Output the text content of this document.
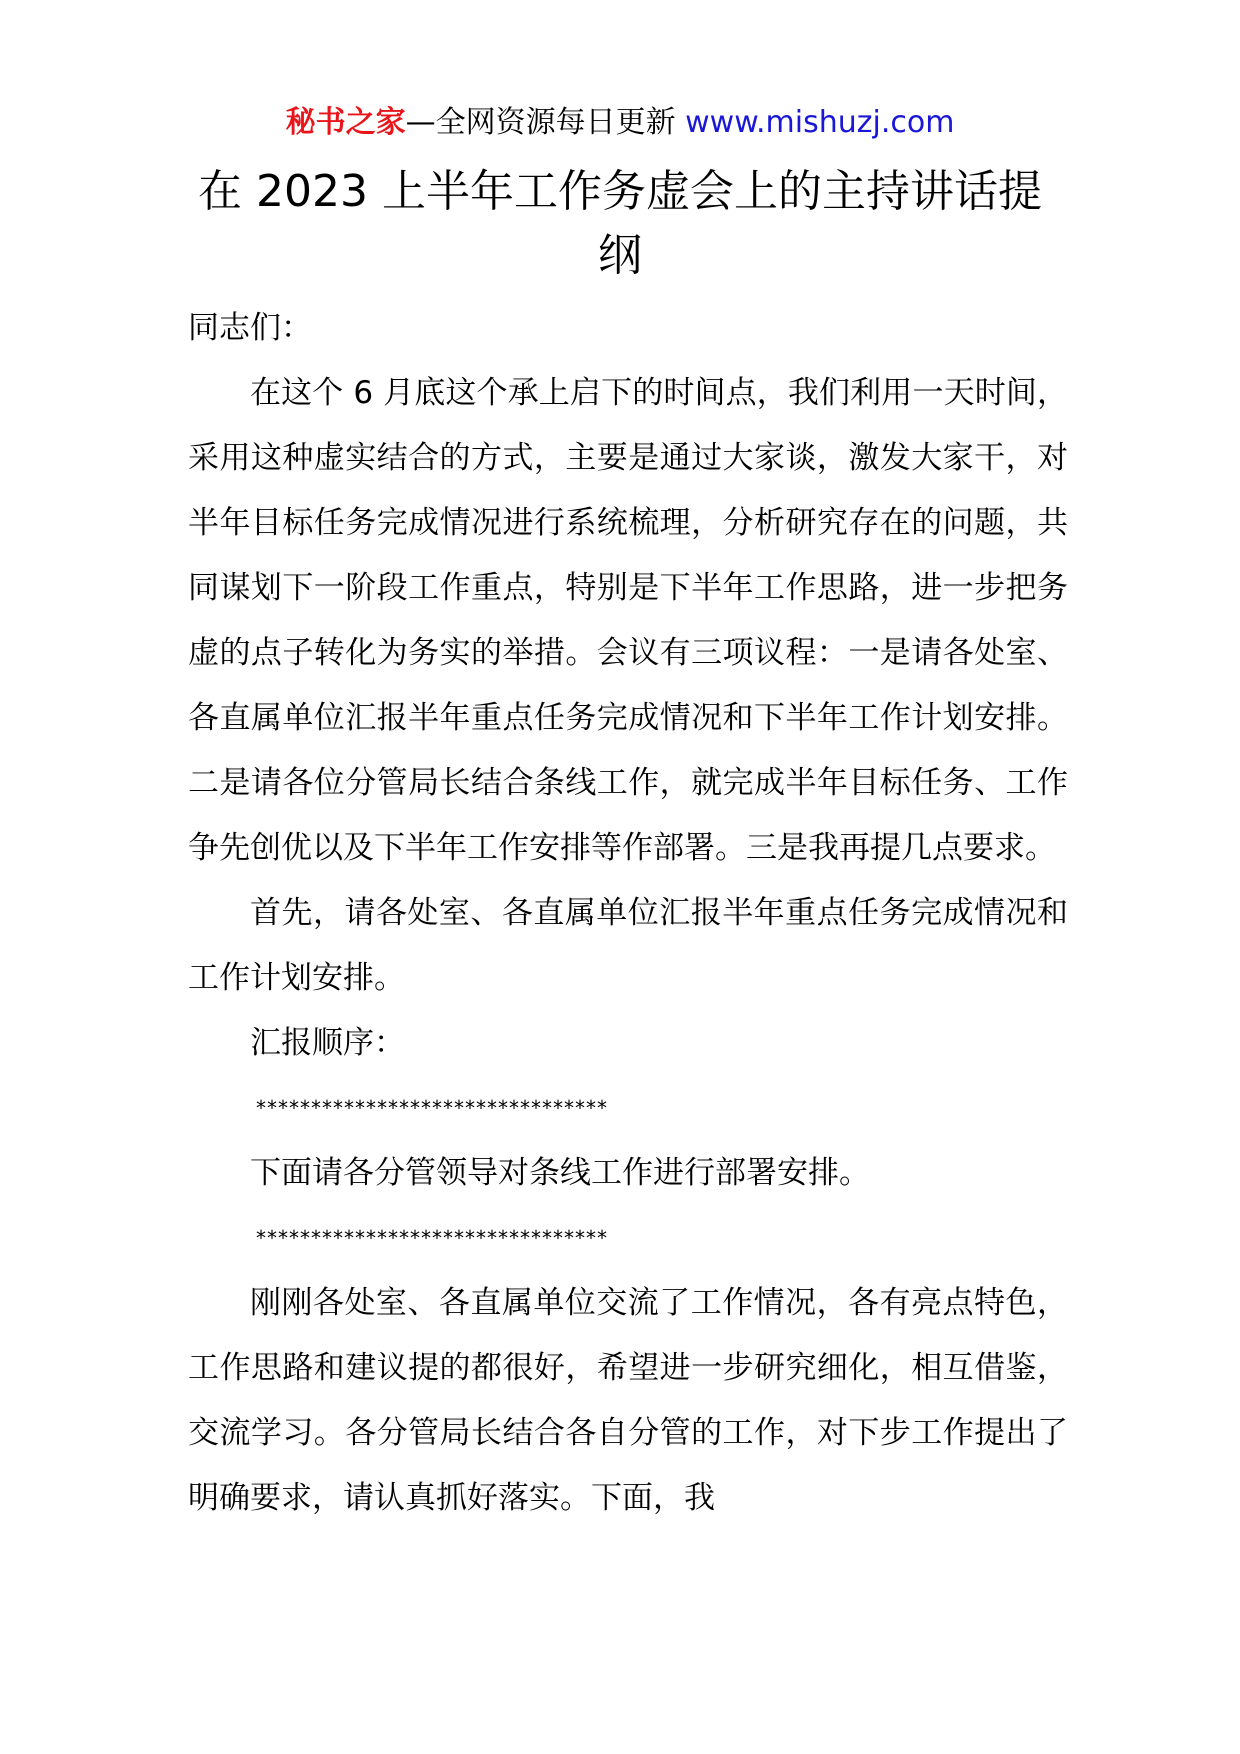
秘书之家—全网资源每日更新 www.mishuzj.com
在 2023 上半年工作务虚会上的主持讲话提纲

同志们：

在这个 6 月底这个承上启下的时间点，我们利用一天时间，采用这种虚实结合的方式，主要是通过大家谈，激发大家干，对半年目标任务完成情况进行系统梳理，分析研究存在的问题，共同谋划下一阶段工作重点，特别是下半年工作思路，进一步把务虚的点子转化为务实的举措。会议有三项议程：一是请各处室、各直属单位汇报半年重点任务完成情况和下半年工作计划安排。二是请各位分管局长结合条线工作，就完成半年目标任务、工作争先创优以及下半年工作安排等作部署。三是我再提几点要求。

首先，请各处室、各直属单位汇报半年重点任务完成情况和工作计划安排。

汇报顺序：

********************************

下面请各分管领导对条线工作进行部署安排。

********************************

刚刚各处室、各直属单位交流了工作情况，各有亮点特色，工作思路和建议提的都很好，希望进一步研究细化，相互借鉴，交流学习。各分管局长结合各自分管的工作，对下步工作提出了明确要求，请认真抓好落实。下面，我
